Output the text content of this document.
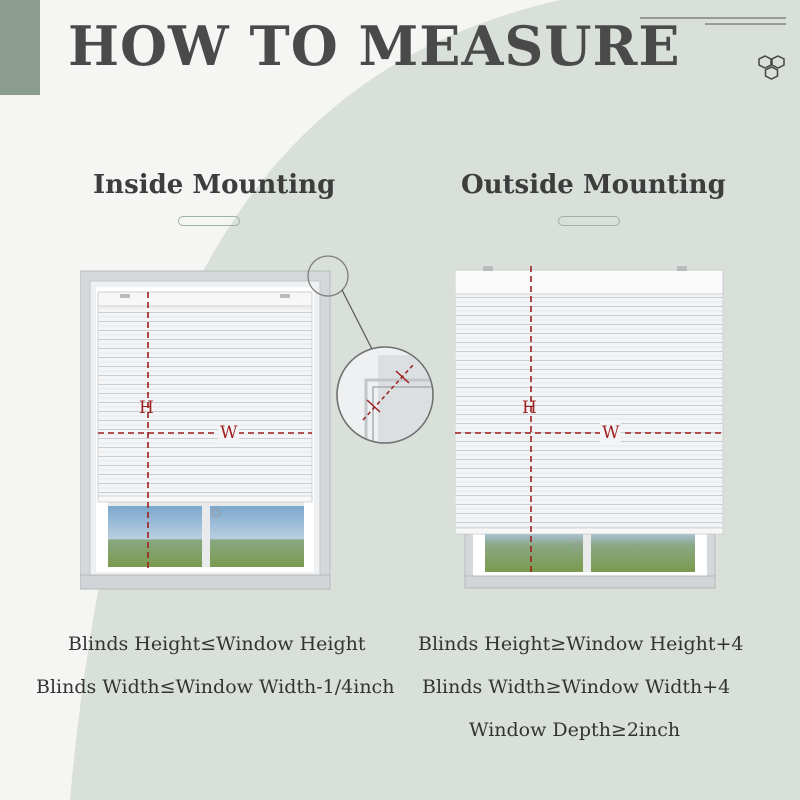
HOW TO MEASURE
Inside Mounting	Outside Mounting
H
W
H
W
Blinds Height≤Window Height
Blinds Width≤Window Width-1/4inch
Blinds Height≥Window Height+4
Blinds Width≥Window Width+4
Window Depth≥2inch
